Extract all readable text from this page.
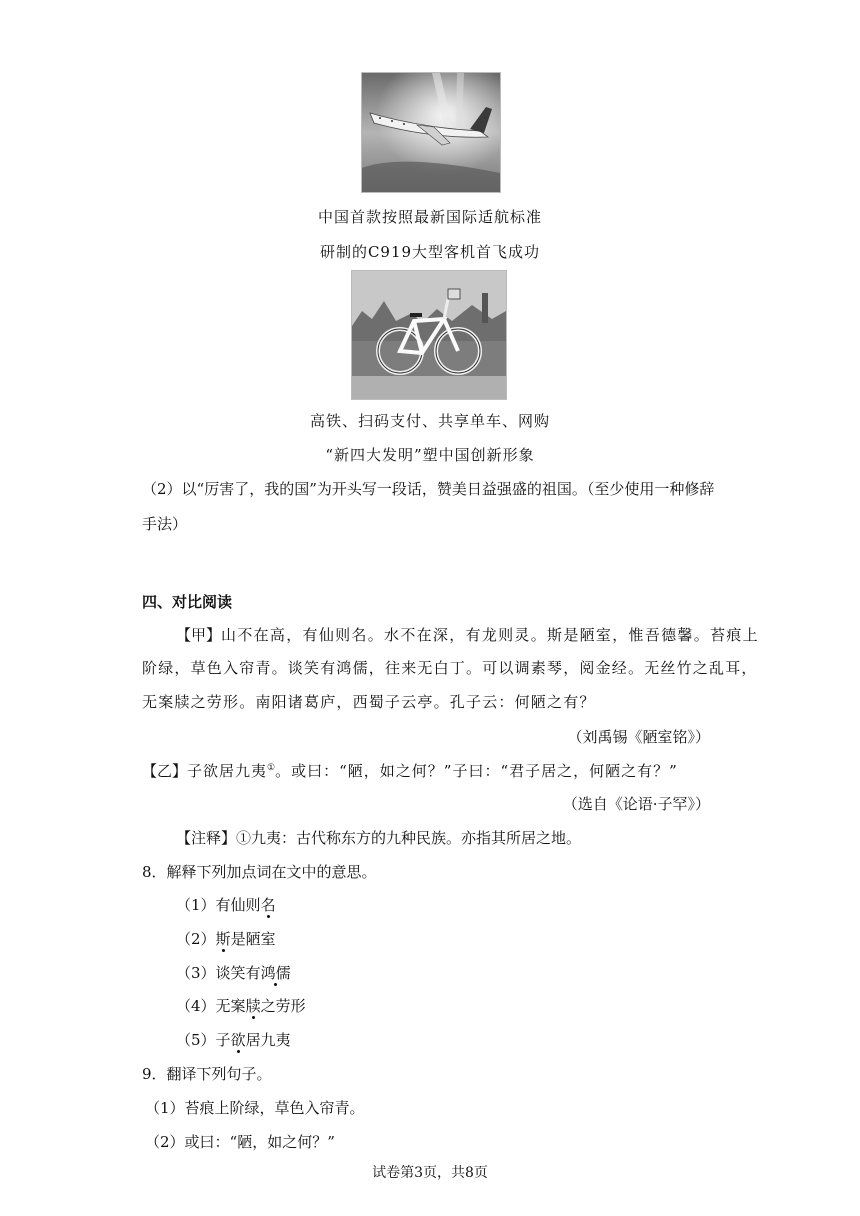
中国首款按照最新国际适航标准
研制的C919大型客机首飞成功
高铁、扫码支付、共享单车、网购
“新四大发明”塑中国创新形象
（2）以“厉害了，我的国”为开头写一段话，赞美日益强盛的祖国。（至少使用一种修辞
手法）
四、对比阅读
【甲】山不在高，有仙则名。水不在深，有龙则灵。斯是陋室，惟吾德馨。苔痕上
阶绿，草色入帘青。谈笑有鸿儒，往来无白丁。可以调素琴，阅金经。无丝竹之乱耳，
无案牍之劳形。南阳诸葛庐，西蜀子云亭。孔子云：何陋之有？
（刘禹锡《陋室铭》）
【乙】子欲居九夷①。或曰：“陋，如之何？”子曰：“君子居之，何陋之有？”
（选自《论语·子罕》）
【注释】①九夷：古代称东方的九种民族。亦指其所居之地。
8．解释下列加点词在文中的意思。
（1）有仙则名
（2）斯是陋室
（3）谈笑有鸿儒
（4）无案牍之劳形
（5）子欲居九夷
9．翻译下列句子。
（1）苔痕上阶绿，草色入帘青。
（2）或曰：“陋，如之何？”
试卷第3页，共8页
